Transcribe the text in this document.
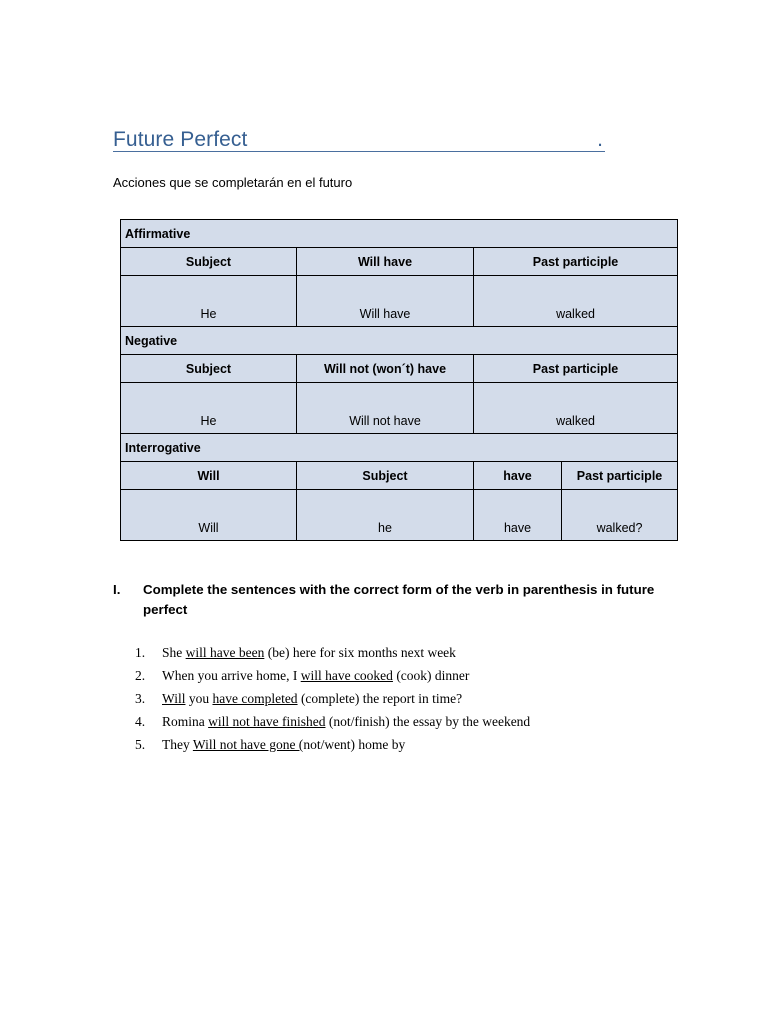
Future Perfect	.
Acciones que se completarán en el futuro
Affirmative			
Subject	Will have	Past participle	
He	Will have	walked	
Negative			
Subject	Will not (won´t) have	Past participle	
He	Will not have	walked	
Interrogative			
Will	Subject	have	Past participle
Will	he	have	walked?
I. Complete the sentences with the correct form of the verb in parenthesis in future perfect
1. She will have been (be) here for six months next week
2. When you arrive home, I will have cooked (cook) dinner
3. Will you have completed (complete) the report in time?
4. Romina will not have finished (not/finish) the essay by the weekend
5. They Will not have gone (not/went) home by
